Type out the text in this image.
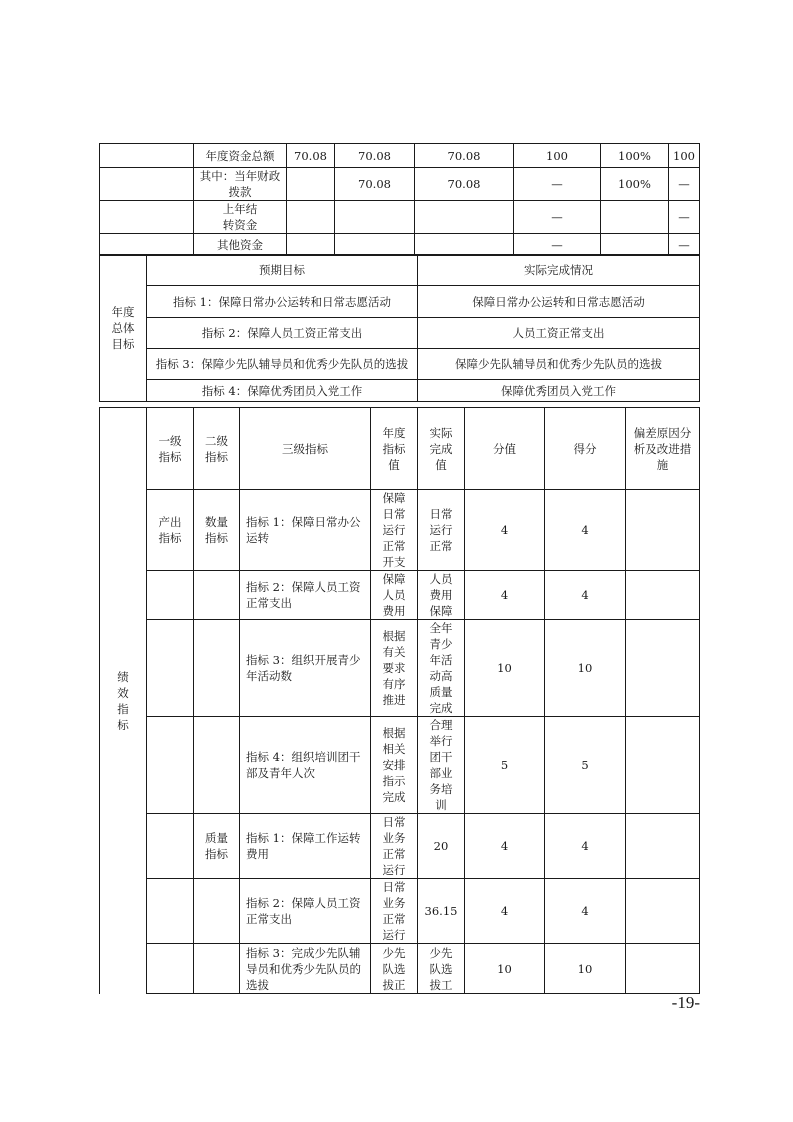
	年度资金总额	70.08	70.08	70.08	100	100%	100
	其中：当年财政拨款		70.08	70.08	—	100%	—
	上年结转资金				—		—
	其他资金				—		—
年度总体目标	预期目标	实际完成情况
	指标 1：保障日常办公运转和日常志愿活动	保障日常办公运转和日常志愿活动
	指标 2：保障人员工资正常支出	人员工资正常支出
	指标 3：保障少先队辅导员和优秀少先队员的选拔	保障少先队辅导员和优秀少先队员的选拔
	指标 4：保障优秀团员入党工作	保障优秀团员入党工作
绩效指标	一级指标	二级指标	三级指标	年度指标值	实际完成值	分值	得分	偏差原因分析及改进措施
	产出指标	数量指标	指标 1：保障日常办公运转	保障日常运行正常开支	日常运行正常	4	4	
			指标 2：保障人员工资正常支出	保障人员费用	人员费用保障	4	4	
			指标 3：组织开展青少年活动数	根据有关要求有序推进	全年青少年活动高质量完成	10	10	
			指标 4：组织培训团干部及青年人次	根据相关安排指示完成	合理举行团干部业务培训	5	5	
		质量指标	指标 1：保障工作运转费用	日常业务正常运行	20	4	4	
			指标 2：保障人员工资正常支出	日常业务正常运行	36.15	4	4	
			指标 3：完成少先队辅导员和优秀少先队员的选拔	少先队选拔正	少先队选拔工	10	10	
-19-
